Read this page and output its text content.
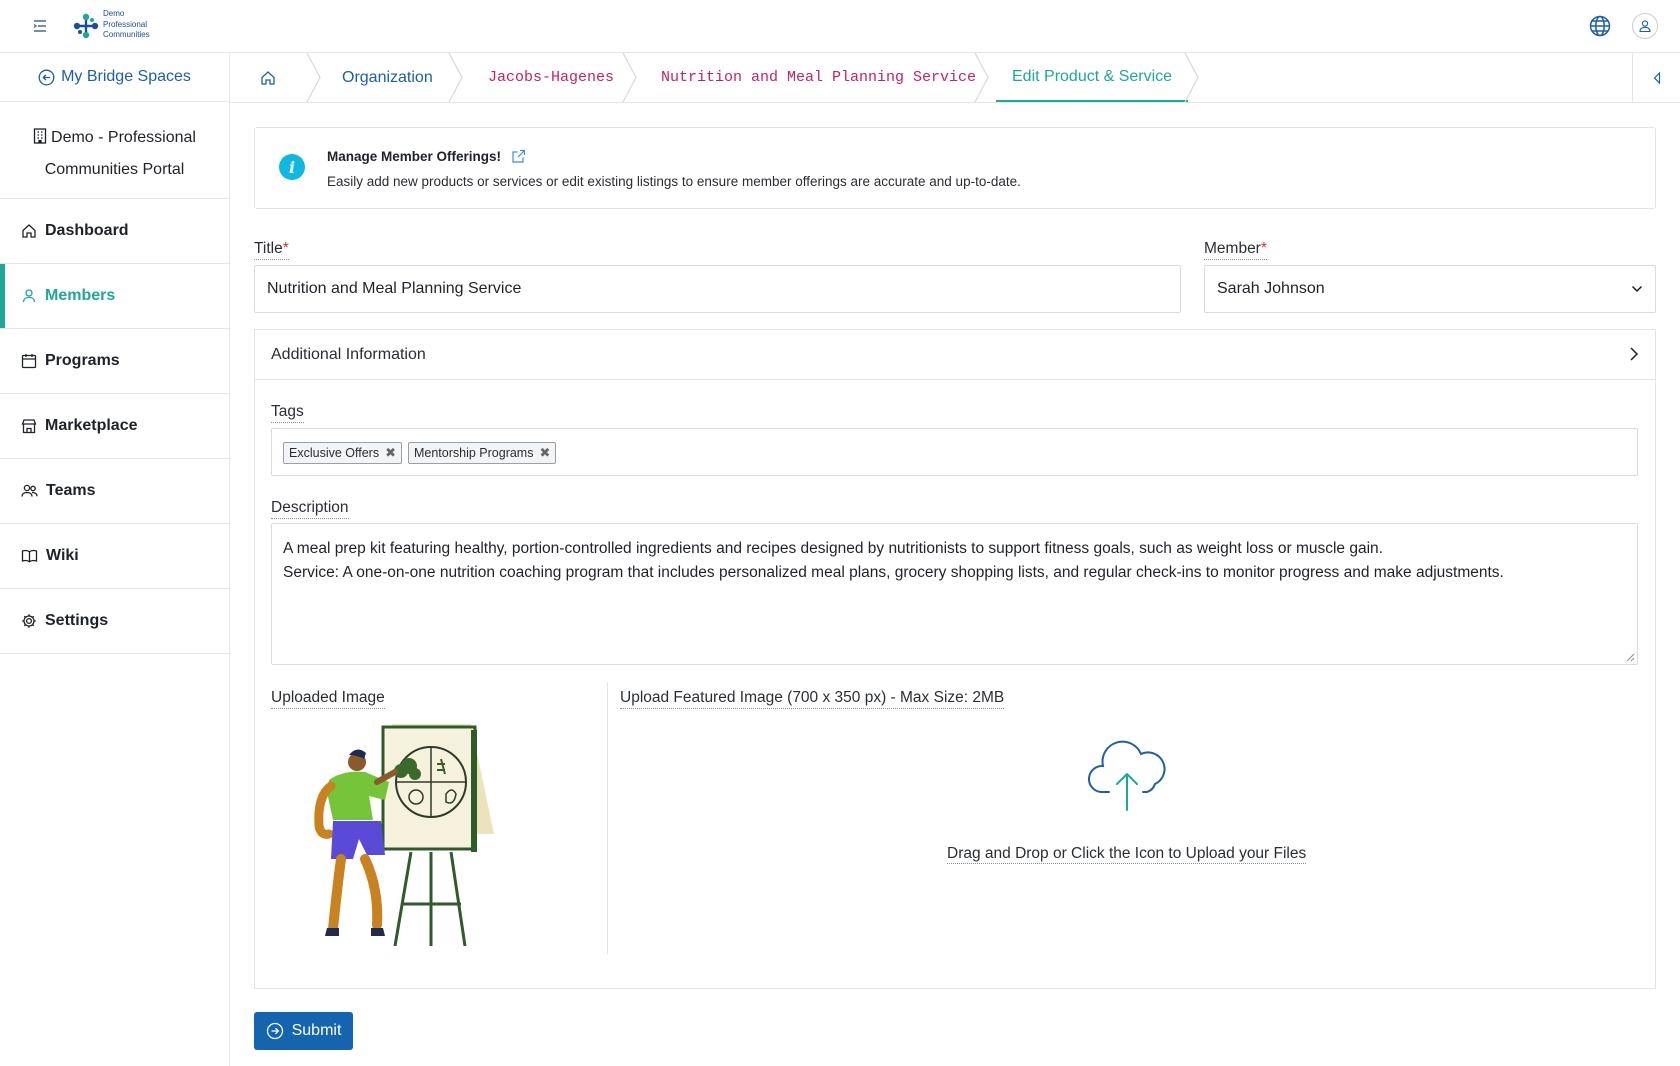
Demo
Professional
Communities
My Bridge Spaces
Demo - Professional
Communities Portal
Dashboard
Members
Programs
Marketplace
Teams
Wiki
Settings
Organization	Jacobs-Hagenes	Nutrition and Meal Planning Service Edit Product & Service
i
Manage Member Offerings!
Easily add new products or services or edit existing listings to ensure member offerings are accurate and up-to-date.
Title*
Nutrition and Meal Planning Service
Member*
Sarah Johnson
Additional Information
Tags
Exclusive Offers ✖ Mentorship Programs ✖
Description
A meal prep kit featuring healthy, portion-controlled ingredients and recipes designed by nutritionists to support fitness goals, such as weight loss or muscle gain.
Service: A one-on-one nutrition coaching program that includes personalized meal plans, grocery shopping lists, and regular check-ins to monitor progress and make adjustments.
Uploaded Image	Upload Featured Image (700 x 350 px) - Max Size: 2MB
Drag and Drop or Click the Icon to Upload your Files
Submit
